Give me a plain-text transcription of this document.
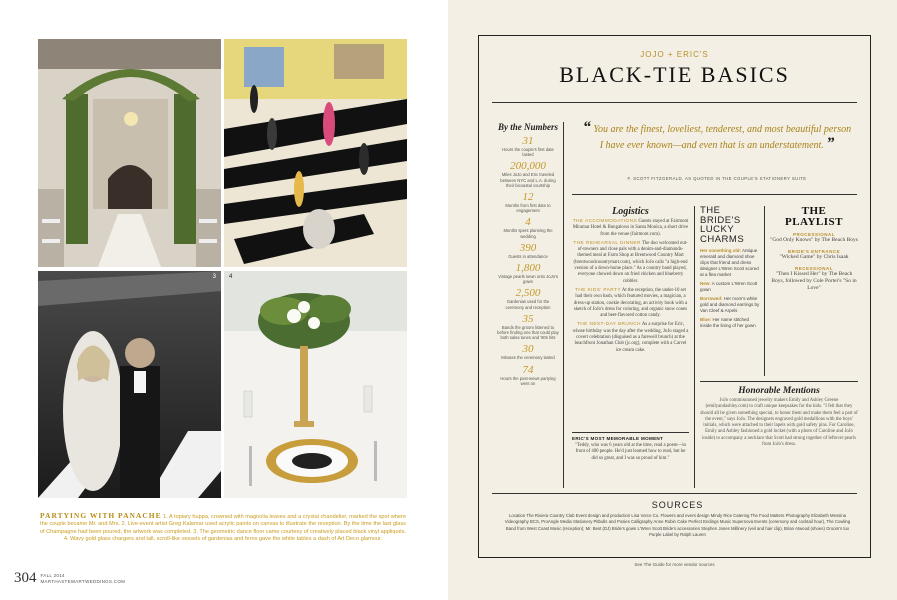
3 4
PARTYING WITH PANACHE 1. A topiary huppa, crowned with magnolia leaves and a crystal chandelier, marked the spot where the couple became Mr. and Mrs. 2. Live-event artist Greg Kalamar used acrylic paints on canvas to illustrate the reception. By the time the last glass of Champagne had been poured, the artwork was completed. 3. The geometric dance floor came courtesy of creatively placed black vinyl appliqués. 4. Wavy gold glass chargers and tall, scroll-like vessels of gardenias and ferns gave the white tables a dash of Art Deco glamour.
304 FALL 2014
MARTHASTEWARTWEDDINGS.COM
JOJO + ERIC'S
BLACK-TIE BASICS
By the Numbers
31
Hours the couple's first date lasted
200,000
Miles JoJo and Eric traveled between NYC and L.A. during their bicoastal courtship
12
Months from first date to engagement
4
Months spent planning the wedding
390
Guests in attendance
1,800
Vintage pearls sewn onto JoJo's gown
2,500
Gardenias used for the ceremony and reception
35
Bands the groom listened to before finding one that could play both salsa tunes and '80s hits
30
Minutes the ceremony lasted
74
Hours the post-wows partying went on
“ You are the finest, loveliest, tenderest, and most beautiful person I have ever known—and even that is an understatement. ”
F. SCOTT FITZGERALD, AS QUOTED IN THE COUPLE'S STATIONERY SUITE
Logistics
THE ACCOMMODATIONS Guests stayed at Fairmont Miramar Hotel & Bungalows in Santa Monica, a short drive from the venue (fairmont.com).
THE REHEARSAL DINNER The duo welcomed out-of-towners and close pals with a denim-and-diamonds-themed meal at Farm Shop at Brentwood Country Mart (brentwoodcountrymart.com), which JoJo calls "a high-end version of a down-home place." As a country band played, everyone chowed down on fried chicken and blueberry cobbler.
THE KIDS' PARTY At the reception, the under-10 set had their own bash, which featured movies, a magician, a dress-up station, cookie decorating, an activity book with a sketch of JoJo's dress for coloring, and organic snow cones and beet-flavored cotton candy.
THE NEXT-DAY BRUNCH As a surprise for Eric, whose birthday was the day after the wedding, JoJo staged a covert celebration (disguised as a farewell brunch) at the beachfront Jonathan Club (jc.org), complete with a Carvel ice cream cake.
ERIC'S MOST MEMORABLE MOMENT
"Teddy, who was 6 years old at the time, read a poem—in front of 400 people. He'd just learned how to read, but he did so great, and I was so proud of him."
THE
BRIDE'S
LUCKY
CHARMS
Her something old: Antique emerald and diamond shoe clips that friend and dress designer L'Wren Scott scored at a flea market
New: A custom L'Wren Scott gown
Borrowed: Her mom's white gold and diamond earrings by Van Cleef & Arpels
Blue: Her name stitched inside the lining of her gown
THE
PLAYLIST
PROCESSIONAL
"God Only Knows" by The Beach Boys
BRIDE'S ENTRANCE
"Wicked Game" by Chris Isaak
RECESSIONAL
"Then I Kissed Her" by The Beach Boys, followed by Cole Porter's "So in Love"
Honorable Mentions
JoJo commissioned jewelry makers Emily and Ashley Greene (emilyandashley.com) to craft unique keepsakes for the kids. "I felt that they should all be given something special, to honor them and make them feel a part of the event," says JoJo. The designers engraved gold medallions with the boys' initials, which were attached to their lapels with gold safety pins. For Caroline, Emily and Ashley fashioned a gold locket (with a photo of Caroline and JoJo inside) to accompany a necklace that Scott had strung together of leftover pearls from JoJo's dress.
SOURCES
Location The Riviera Country Club Event design and production Lisa Vorce Co. Flowers and event design Mindy Rice Catering The Food Matters Photography Elizabeth Messina Videography BCS, ProAngle Media Stationery Pitbulls and Posies Calligraphy Anne Robin Cake Perfect Endings Music Supernova Events (ceremony and cocktail hour), The Cowling Band from West Coast Music (reception); Mr. Best (DJ) Bride's gown L'Wren Scott Bride's accessories Stephen Jones Millinery (veil and hair clip), Brian Atwood (shoes) Groom's tux Purple Label by Ralph Lauren
See The Guide for more vendor sources
